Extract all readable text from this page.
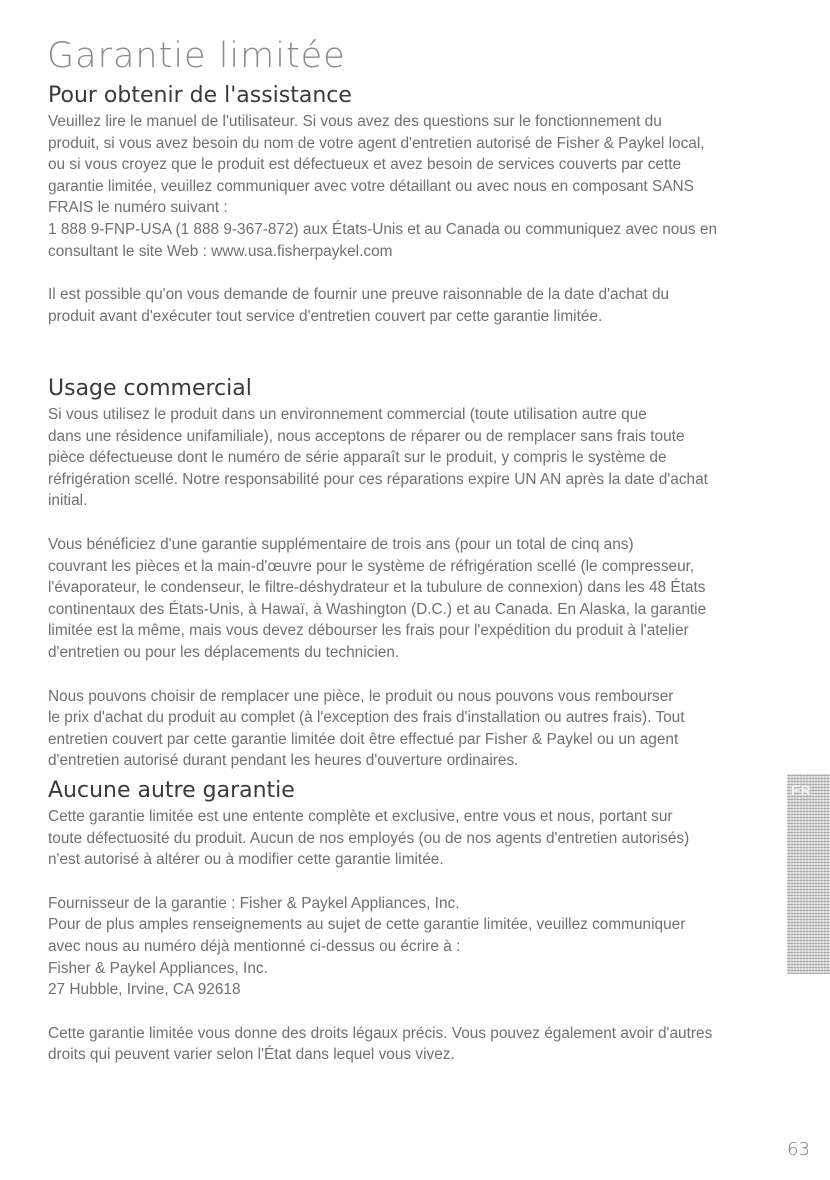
Garantie limitée
Pour obtenir de l'assistance

Veuillez lire le manuel de l'utilisateur. Si vous avez des questions sur le fonctionnement du
produit, si vous avez besoin du nom de votre agent d'entretien autorisé de Fisher & Paykel local,
ou si vous croyez que le produit est défectueux et avez besoin de services couverts par cette
garantie limitée, veuillez communiquer avec votre détaillant ou avec nous en composant SANS
FRAIS le numéro suivant :
1 888 9-FNP-USA (1 888 9-367-872) aux États-Unis et au Canada ou communiquez avec nous en
consultant le site Web : www.usa.fisherpaykel.com

Il est possible qu'on vous demande de fournir une preuve raisonnable de la date d'achat du
produit avant d'exécuter tout service d'entretien couvert par cette garantie limitée.

Usage commercial

Si vous utilisez le produit dans un environnement commercial (toute utilisation autre que
dans une résidence unifamiliale), nous acceptons de réparer ou de remplacer sans frais toute
pièce défectueuse dont le numéro de série apparaît sur le produit, y compris le système de
réfrigération scellé. Notre responsabilité pour ces réparations expire UN AN après la date d'achat
initial.

Vous bénéficiez d'une garantie supplémentaire de trois ans (pour un total de cinq ans)
couvrant les pièces et la main-d'œuvre pour le système de réfrigération scellé (le compresseur,
l'évaporateur, le condenseur, le filtre-déshydrateur et la tubulure de connexion) dans les 48 États
continentaux des États-Unis, à Hawaï, à Washington (D.C.) et au Canada. En Alaska, la garantie
limitée est la même, mais vous devez débourser les frais pour l'expédition du produit à l'atelier
d'entretien ou pour les déplacements du technicien.

Nous pouvons choisir de remplacer une pièce, le produit ou nous pouvons vous rembourser
le prix d'achat du produit au complet (à l'exception des frais d'installation ou autres frais). Tout
entretien couvert par cette garantie limitée doit être effectué par Fisher & Paykel ou un agent
d'entretien autorisé durant pendant les heures d'ouverture ordinaires.

Aucune autre garantie

Cette garantie limitée est une entente complète et exclusive, entre vous et nous, portant sur
toute défectuosité du produit. Aucun de nos employés (ou de nos agents d'entretien autorisés)
n'est autorisé à altérer ou à modifier cette garantie limitée.

Fournisseur de la garantie : Fisher & Paykel Appliances, Inc.
Pour de plus amples renseignements au sujet de cette garantie limitée, veuillez communiquer
avec nous au numéro déjà mentionné ci-dessus ou écrire à :
Fisher & Paykel Appliances, Inc.
27 Hubble, Irvine, CA 92618

Cette garantie limitée vous donne des droits légaux précis. Vous pouvez également avoir d'autres
droits qui peuvent varier selon l'État dans lequel vous vivez.

FR
63
